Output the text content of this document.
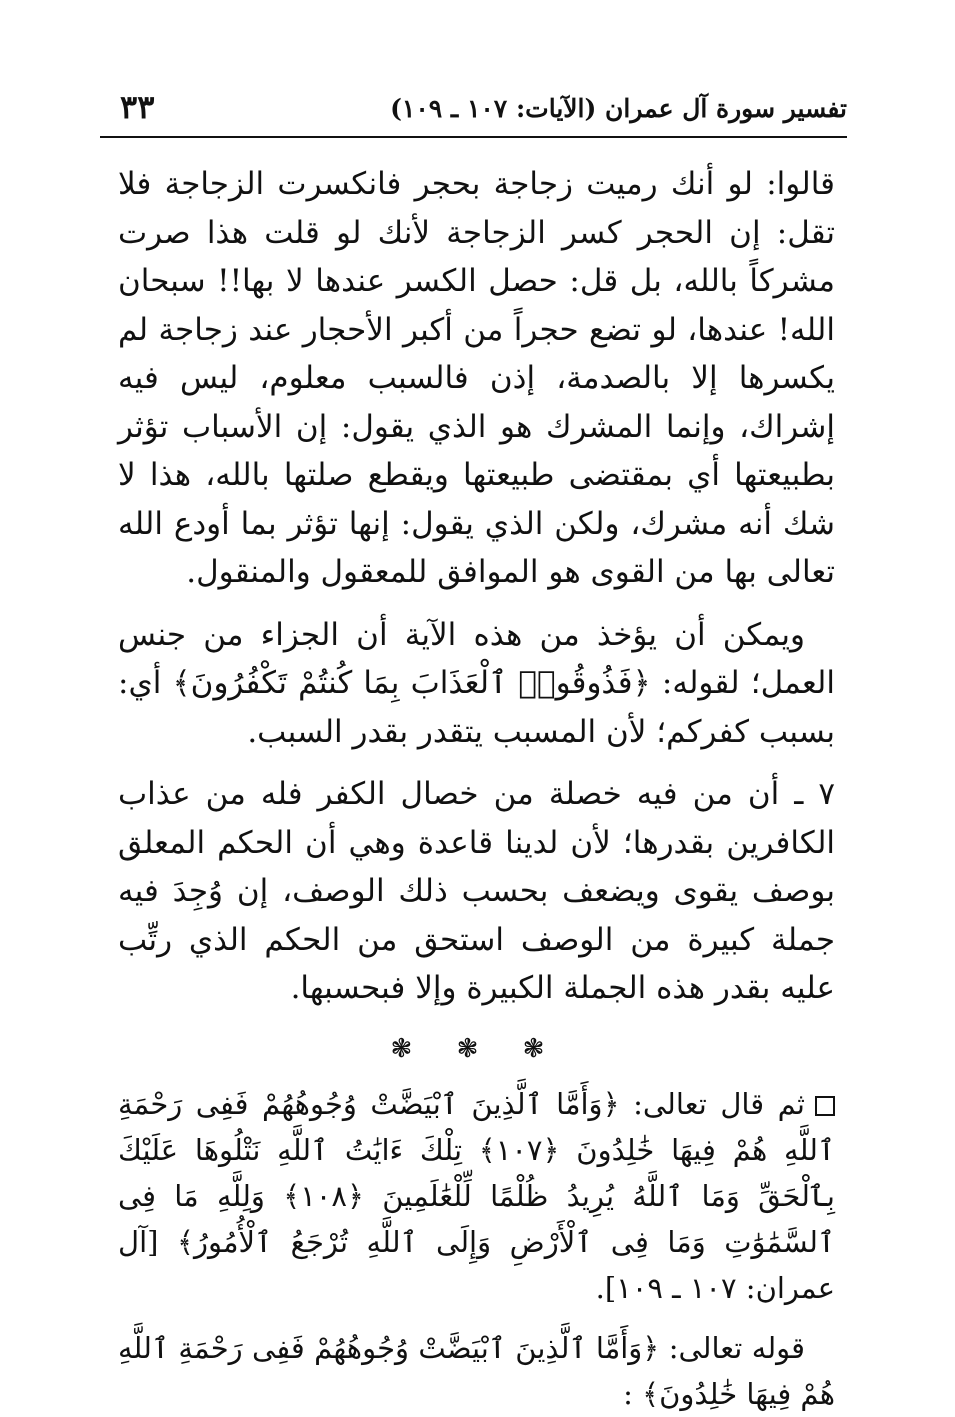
تفسير سورة آل عمران (الآيات: ١٠٧ ـ ١٠٩)
٣٣

قالوا: لو أنك رميت زجاجة بحجر فانكسرت الزجاجة فلا تقل: إن الحجر كسر الزجاجة لأنك لو قلت هذا صرت مشركاً بالله، بل قل: حصل الكسر عندها لا بها!! سبحان الله! عندها، لو تضع حجراً من أكبر الأحجار عند زجاجة لم يكسرها إلا بالصدمة، إذن فالسبب معلوم، ليس فيه إشراك، وإنما المشرك هو الذي يقول: إن الأسباب تؤثر بطبيعتها أي بمقتضى طبيعتها ويقطع صلتها بالله، هذا لا شك أنه مشرك، ولكن الذي يقول: إنها تؤثر بما أودع الله تعالى بها من القوى هو الموافق للمعقول والمنقول.

ويمكن أن يؤخذ من هذه الآية أن الجزاء من جنس العمل؛ لقوله: ﴿فَذُوقُوا۟ ٱلْعَذَابَ بِمَا كُنتُمْ تَكْفُرُونَ﴾ أي: بسبب كفركم؛ لأن المسبب يتقدر بقدر السبب.

٧ ـ أن من فيه خصلة من خصال الكفر فله من عذاب الكافرين بقدرها؛ لأن لدينا قاعدة وهي أن الحكم المعلق بوصف يقوى ويضعف بحسب ذلك الوصف، إن وُجِدَ فيه جملة كبيرة من الوصف استحق من الحكم الذي رتِّب عليه بقدر هذه الجملة الكبيرة وإلا فبحسبها.

❃ ❃ ❃

ثم قال تعالى: ﴿وَأَمَّا ٱلَّذِينَ ٱبْيَضَّتْ وُجُوهُهُمْ فَفِى رَحْمَةِ ٱللَّهِ هُمْ فِيهَا خَٰلِدُونَ ﴿١٠٧﴾ تِلْكَ ءَايَٰتُ ٱللَّهِ نَتْلُوهَا عَلَيْكَ بِٱلْحَقِّ وَمَا ٱللَّهُ يُرِيدُ ظُلْمًا لِّلْعَٰلَمِينَ ﴿١٠٨﴾ وَلِلَّهِ مَا فِى ٱلسَّمَٰوَٰتِ وَمَا فِى ٱلْأَرْضِ وَإِلَى ٱللَّهِ تُرْجَعُ ٱلْأُمُورُ﴾ [آل عمران: ١٠٧ ـ ١٠٩].

قوله تعالى: ﴿وَأَمَّا ٱلَّذِينَ ٱبْيَضَّتْ وُجُوهُهُمْ فَفِى رَحْمَةِ ٱللَّهِ هُمْ فِيهَا خَٰلِدُونَ﴾ :
